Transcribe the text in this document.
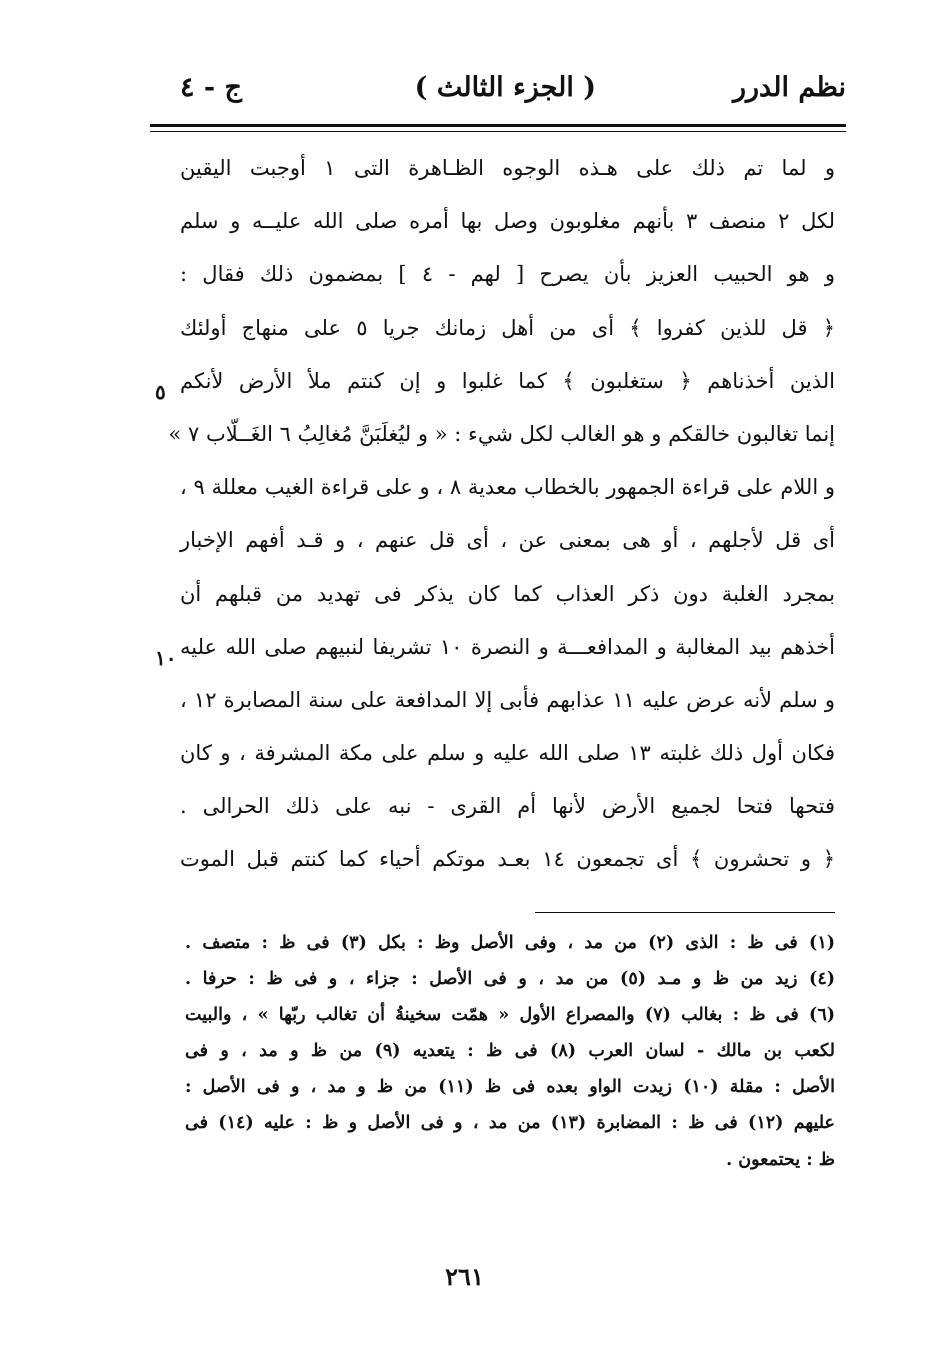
نظم الدرر
( الجزء الثالث )
ج - ٤
و لما تم ذلك على هـذه الوجوه الظـاهرة التى ١ أوجبت اليقين
لكل ٢ منصف ٣ بأنهم مغلوبون وصل بها أمره صلى الله عليــه و سلم
و هو الحبيب العزيز بأن يصرح [ لهم - ٤ ] بمضمون ذلك فقال :
﴿ قل للذين كفروا ﴾ أى من أهل زمانك جريا ٥ على منهاج أولئك
الذين أخذناهم ﴿ ستغلبون ﴾ كما غلبوا و إن كنتم ملأ الأرض لأنكم
إنما تغالبون خالقكم و هو الغالب لكل شيء : « و ليُغلَبَنَّ مُغالِبُ ٦ الغَــلّاب ٧ »
و اللام على قراءة الجمهور بالخطاب معدية ٨ ، و على قراءة الغيب معللة ٩ ،
أى قل لأجلهم ، أو هى بمعنى عن ، أى قل عنهم ، و قـد أفهم الإخبار
بمجرد الغلبة دون ذكر العذاب كما كان يذكر فى تهديد من قبلهم أن
أخذهم بيد المغالبة و المدافعـــة و النصرة ١٠ تشريفا لنبيهم صلى الله عليه
و سلم لأنه عرض عليه ١١ عذابهم فأبى إلا المدافعة على سنة المصابرة ١٢ ،
فكان أول ذلك غلبته ١٣ صلى الله عليه و سلم على مكة المشرفة ، و كان
فتحها فتحا لجميع الأرض لأنها أم القرى - نبه على ذلك الحرالى .
﴿ و تحشرون ﴾ أى تجمعون ١٤ بعـد موتكم أحياء كما كنتم قبل الموت
٥
١٠
(١) فى ظ : الذى (٢) من مد ، وفى الأصل وظ : بكل (٣) فى ظ : متصف .
(٤) زيد من ظ و مـد (٥) من مد ، و فى الأصل : جزاء ، و فى ظ : حرفا .
(٦) فى ظ : بغالب (٧) والمصراع الأول « همّت سخينةُ أن تغالب ربّها » ، والبيت
لكعب بن مالك - لسان العرب (٨) فى ظ : يتعديه (٩) من ظ و مد ، و فى
الأصل : مقلة (١٠) زيدت الواو بعده فى ظ (١١) من ظ و مد ، و فى الأصل :
عليهم (١٢) فى ظ : المضابرة (١٣) من مد ، و فى الأصل و ظ : عليه (١٤) فى
ظ : يحتمعون .
٢٦١
